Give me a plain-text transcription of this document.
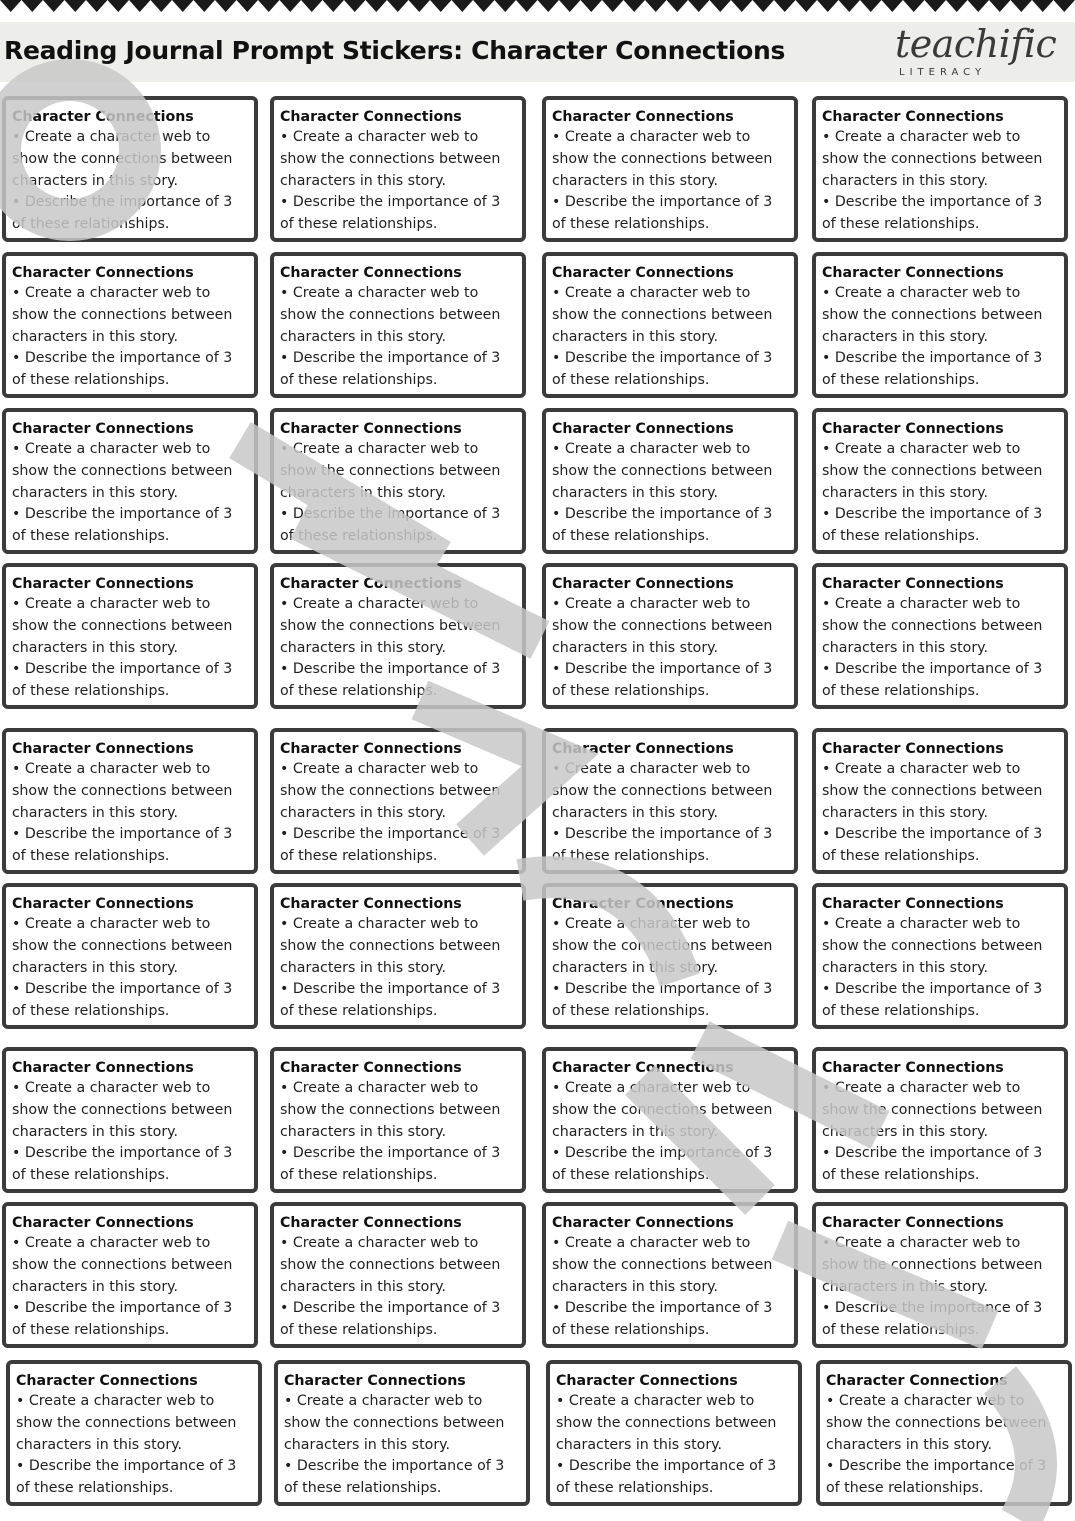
Reading Journal Prompt Stickers: Character Connections	teachific
LITERACY
Character Connections
• Create a character web to show the connections between characters in this story.
• Describe the importance of 3 of these relationships.
Character Connections
• Create a character web to show the connections between characters in this story.
• Describe the importance of 3 of these relationships.
Character Connections
• Create a character web to show the connections between characters in this story.
• Describe the importance of 3 of these relationships.
Character Connections
• Create a character web to show the connections between characters in this story.
• Describe the importance of 3 of these relationships.
Character Connections
• Create a character web to show the connections between characters in this story.
• Describe the importance of 3 of these relationships.
Character Connections
• Create a character web to show the connections between characters in this story.
• Describe the importance of 3 of these relationships.
Character Connections
• Create a character web to show the connections between characters in this story.
• Describe the importance of 3 of these relationships.
Character Connections
• Create a character web to show the connections between characters in this story.
• Describe the importance of 3 of these relationships.
Character Connections
• Create a character web to show the connections between characters in this story.
• Describe the importance of 3 of these relationships.
Character Connections
• Create a character web to show the connections between characters in this story.
• Describe the importance of 3 of these relationships.
Character Connections
• Create a character web to show the connections between characters in this story.
• Describe the importance of 3 of these relationships.
Character Connections
• Create a character web to show the connections between characters in this story.
• Describe the importance of 3 of these relationships.
Character Connections
• Create a character web to show the connections between characters in this story.
• Describe the importance of 3 of these relationships.
Character Connections
• Create a character web to show the connections between characters in this story.
• Describe the importance of 3 of these relationships.
Character Connections
• Create a character web to show the connections between characters in this story.
• Describe the importance of 3 of these relationships.
Character Connections
• Create a character web to show the connections between characters in this story.
• Describe the importance of 3 of these relationships.
Character Connections
• Create a character web to show the connections between characters in this story.
• Describe the importance of 3 of these relationships.
Character Connections
• Create a character web to show the connections between characters in this story.
• Describe the importance of 3 of these relationships.
Character Connections
• Create a character web to show the connections between characters in this story.
• Describe the importance of 3 of these relationships.
Character Connections
• Create a character web to show the connections between characters in this story.
• Describe the importance of 3 of these relationships.
Character Connections
• Create a character web to show the connections between characters in this story.
• Describe the importance of 3 of these relationships.
Character Connections
• Create a character web to show the connections between characters in this story.
• Describe the importance of 3 of these relationships.
Character Connections
• Create a character web to show the connections between characters in this story.
• Describe the importance of 3 of these relationships.
Character Connections
• Create a character web to show the connections between characters in this story.
• Describe the importance of 3 of these relationships.
Character Connections
• Create a character web to show the connections between characters in this story.
• Describe the importance of 3 of these relationships.
Character Connections
• Create a character web to show the connections between characters in this story.
• Describe the importance of 3 of these relationships.
Character Connections
• Create a character web to show the connections between characters in this story.
• Describe the importance of 3 of these relationships.
Character Connections
• Create a character web to show the connections between characters in this story.
• Describe the importance of 3 of these relationships.
Character Connections
• Create a character web to show the connections between characters in this story.
• Describe the importance of 3 of these relationships.
Character Connections
• Create a character web to show the connections between characters in this story.
• Describe the importance of 3 of these relationships.
Character Connections
• Create a character web to show the connections between characters in this story.
• Describe the importance of 3 of these relationships.
Character Connections
• Create a character web to show the connections between characters in this story.
• Describe the importance of 3 of these relationships.
Character Connections
• Create a character web to show the connections between characters in this story.
• Describe the importance of 3 of these relationships.
Character Connections
• Create a character web to show the connections between characters in this story.
• Describe the importance of 3 of these relationships.
Character Connections
• Create a character web to show the connections between characters in this story.
• Describe the importance of 3 of these relationships.
Character Connections
• Create a character web to show the connections between characters in this story.
• Describe the importance of 3 of these relationships.
